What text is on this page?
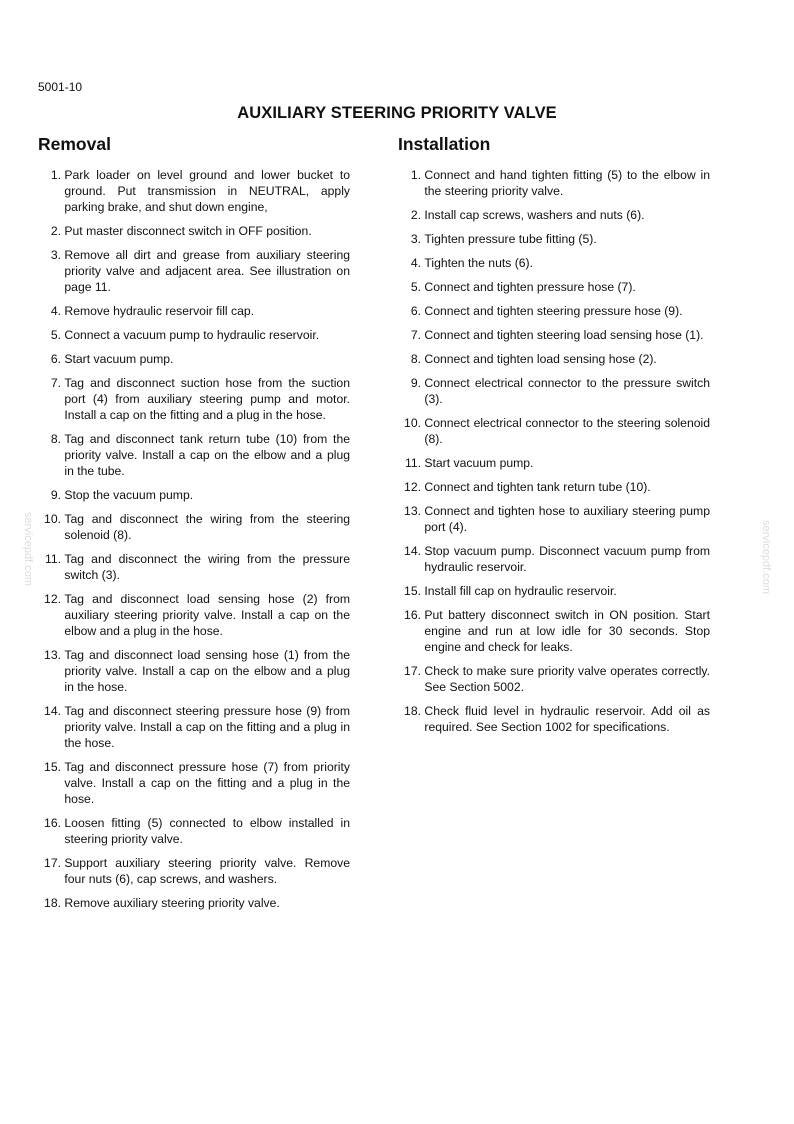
5001-10
AUXILIARY STEERING PRIORITY VALVE
Removal
1.
Park loader on level ground and lower bucket to ground. Put transmission in NEUTRAL, apply parking brake, and shut down engine,
2.
Put master disconnect switch in OFF position.
3.
Remove all dirt and grease from auxiliary steering priority valve and adjacent area. See illustration on page 11.
4.
Remove hydraulic reservoir fill cap.
5.
Connect a vacuum pump to hydraulic reservoir.
6.
Start vacuum pump.
7.
Tag and disconnect suction hose from the suction port (4) from auxiliary steering pump and motor. Install a cap on the fitting and a plug in the hose.
8.
Tag and disconnect tank return tube (10) from the priority valve. Install a cap on the elbow and a plug in the tube.
9.
Stop the vacuum pump.
10.
Tag and disconnect the wiring from the steering solenoid (8).
11.
Tag and disconnect the wiring from the pressure switch (3).
12.
Tag and disconnect load sensing hose (2) from auxiliary steering priority valve. Install a cap on the elbow and a plug in the hose.
13.
Tag and disconnect load sensing hose (1) from the priority valve. Install a cap on the elbow and a plug in the hose.
14.
Tag and disconnect steering pressure hose (9) from priority valve. Install a cap on the fitting and a plug in the hose.
15.
Tag and disconnect pressure hose (7) from priority valve. Install a cap on the fitting and a plug in the hose.
16.
Loosen fitting (5) connected to elbow installed in steering priority valve.
17.
Support auxiliary steering priority valve. Remove four nuts (6), cap screws, and washers.
18.
Remove auxiliary steering priority valve.
Installation
1.
Connect and hand tighten fitting (5) to the elbow in the steering priority valve.
2.
Install cap screws, washers and nuts (6).
3.
Tighten pressure tube fitting (5).
4.
Tighten the nuts (6).
5.
Connect and tighten pressure hose (7).
6.
Connect and tighten steering pressure hose (9).
7.
Connect and tighten steering load sensing hose (1).
8.
Connect and tighten load sensing hose (2).
9.
Connect electrical connector to the pressure switch (3).
10.
Connect electrical connector to the steering solenoid (8).
11.
Start vacuum pump.
12.
Connect and tighten tank return tube (10).
13.
Connect and tighten hose to auxiliary steering pump port (4).
14.
Stop vacuum pump. Disconnect vacuum pump from hydraulic reservoir.
15.
Install fill cap on hydraulic reservoir.
16.
Put battery disconnect switch in ON position. Start engine and run at low idle for 30 seconds. Stop engine and check for leaks.
17.
Check to make sure priority valve operates correctly. See Section 5002.
18.
Check fluid level in hydraulic reservoir. Add oil as required. See Section 1002 for specifications.
servicepdf.com	servicepdf.com
